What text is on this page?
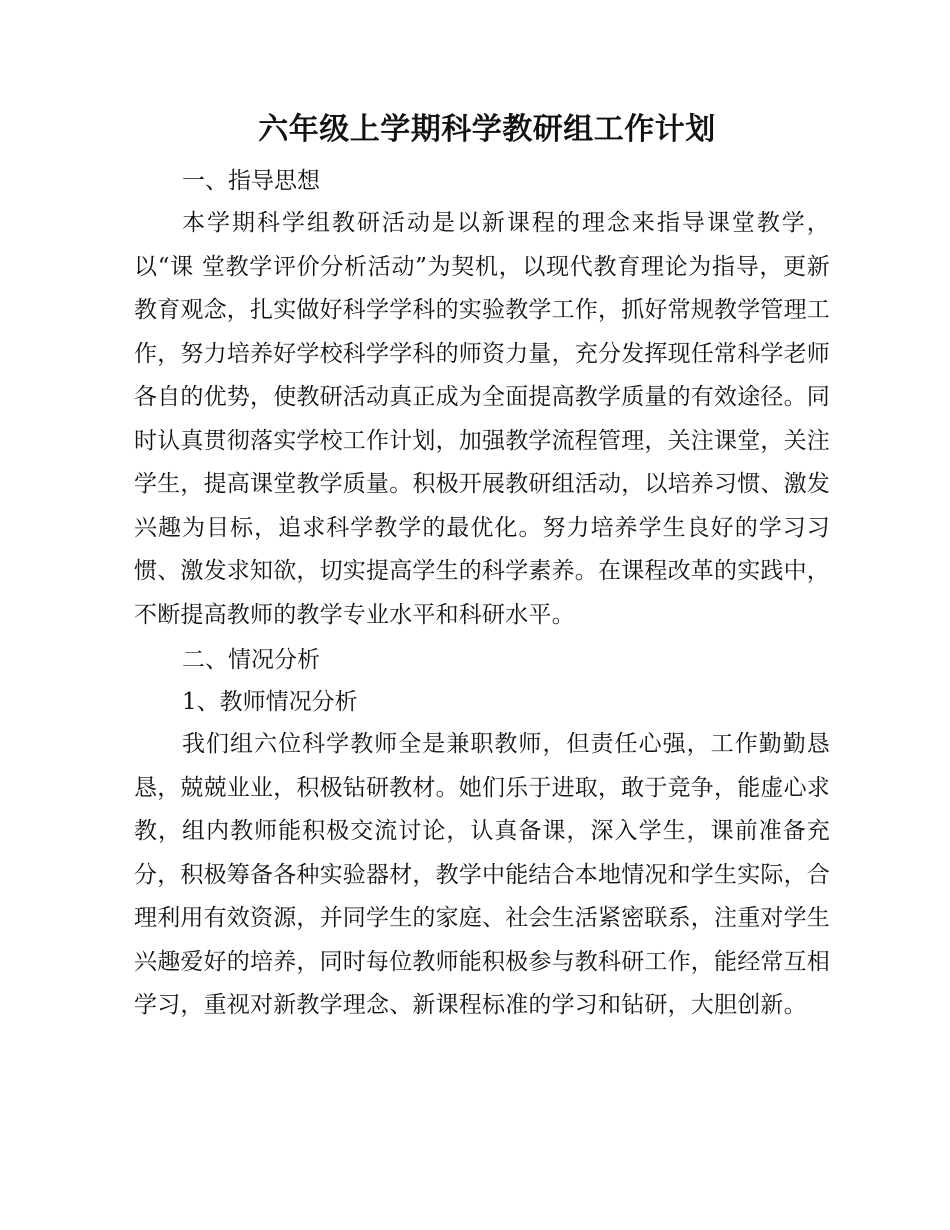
六年级上学期科学教研组工作计划

一、指导思想

本学期科学组教研活动是以新课程的理念来指导课堂教学，以“课 堂教学评价分析活动”为契机，以现代教育理论为指导，更新教育观念，扎实做好科学学科的实验教学工作，抓好常规教学管理工作，努力培养好学校科学学科的师资力量，充分发挥现任常科学老师各自的优势，使教研活动真正成为全面提高教学质量的有效途径。同时认真贯彻落实学校工作计划，加强教学流程管理，关注课堂，关注学生，提高课堂教学质量。积极开展教研组活动，以培养习惯、激发兴趣为目标，追求科学教学的最优化。努力培养学生良好的学习习惯、激发求知欲，切实提高学生的科学素养。在课程改革的实践中，不断提高教师的教学专业水平和科研水平。

二、情况分析

1、教师情况分析

我们组六位科学教师全是兼职教师，但责任心强，工作勤勤恳恳，兢兢业业，积极钻研教材。她们乐于进取，敢于竞争，能虚心求教，组内教师能积极交流讨论，认真备课，深入学生，课前准备充分，积极筹备各种实验器材，教学中能结合本地情况和学生实际，合理利用有效资源，并同学生的家庭、社会生活紧密联系，注重对学生兴趣爱好的培养，同时每位教师能积极参与教科研工作，能经常互相学习，重视对新教学理念、新课程标准的学习和钻研，大胆创新。
